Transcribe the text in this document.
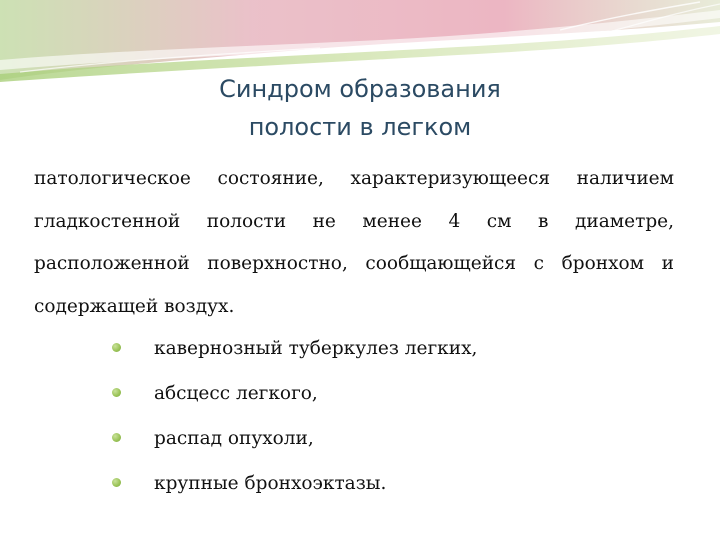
Синдром образования
полости в легком
патологическое состояние, характеризующееся наличием гладкостенной полости не менее 4 см в диаметре, расположенной поверхностно, сообщающейся с бронхом и содержащей воздух.
кавернозный туберкулез легких,
абсцесс легкого,
распад опухоли,
крупные бронхоэктазы.
